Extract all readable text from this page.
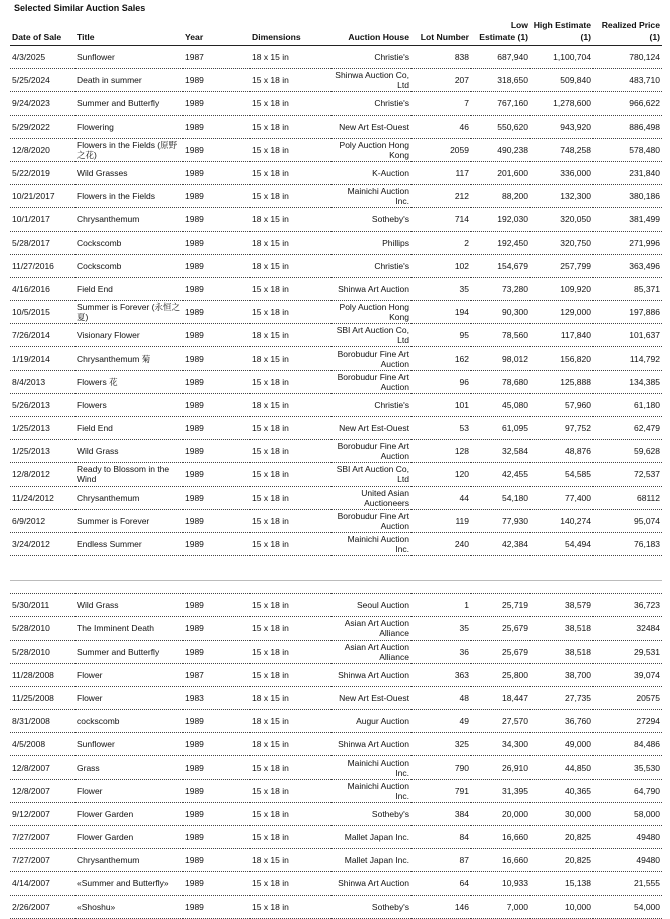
Selected Similar Auction Sales
Date of Sale	Title	Year	Dimensions	Auction House	Lot Number	Low Estimate (1)	High Estimate (1)	Realized Price (1)
4/3/2025	Sunflower	1987	18 x 15 in	Christie's	838	687,940	1,100,704	780,124
5/25/2024	Death in summer	1989	15 x 18 in	Shinwa Auction Co, Ltd	207	318,650	509,840	483,710
9/24/2023	Summer and Butterfly	1989	15 x 18 in	Christie's	7	767,160	1,278,600	966,622
5/29/2022	Flowering	1989	15 x 18 in	New Art Est-Ouest	46	550,620	943,920	886,498
12/8/2020	Flowers in the Fields (原野之花)	1989	15 x 18 in	Poly Auction Hong Kong	2059	490,238	748,258	578,480
5/22/2019	Wild Grasses	1989	15 x 18 in	K-Auction	117	201,600	336,000	231,840
10/21/2017	Flowers in the Fields	1989	15 x 18 in	Mainichi Auction Inc.	212	88,200	132,300	380,186
10/1/2017	Chrysanthemum	1989	18 x 15 in	Sotheby's	714	192,030	320,050	381,499
5/28/2017	Cockscomb	1989	18 x 15 in	Phillips	2	192,450	320,750	271,996
11/27/2016	Cockscomb	1989	18 x 15 in	Christie's	102	154,679	257,799	363,496
4/16/2016	Field End	1989	15 x 18 in	Shinwa Art Auction	35	73,280	109,920	85,371
10/5/2015	Summer is Forever (永恒之夏)	1989	15 x 18 in	Poly Auction Hong Kong	194	90,300	129,000	197,886
7/26/2014	Visionary Flower	1989	18 x 15 in	SBI Art Auction Co, Ltd	95	78,560	117,840	101,637
1/19/2014	Chrysanthemum 菊	1989	18 x 15 in	Borobudur Fine Art Auction	162	98,012	156,820	114,792
8/4/2013	Flowers 花	1989	15 x 18 in	Borobudur Fine Art Auction	96	78,680	125,888	134,385
5/26/2013	Flowers	1989	18 x 15 in	Christie's	101	45,080	57,960	61,180
1/25/2013	Field End	1989	15 x 18 in	New Art Est-Ouest	53	61,095	97,752	62,479
1/25/2013	Wild Grass	1989	15 x 18 in	Borobudur Fine Art Auction	128	32,584	48,876	59,628
12/8/2012	Ready to Blossom in the Wind	1989	15 x 18 in	SBI Art Auction Co, Ltd	120	42,455	54,585	72,537
11/24/2012	Chrysanthemum	1989	15 x 18 in	United Asian Auctioneers	44	54,180	77,400	68112
6/9/2012	Summer is Forever	1989	15 x 18 in	Borobudur Fine Art Auction	119	77,930	140,274	95,074
3/24/2012	Endless Summer	1989	15 x 18 in	Mainichi Auction Inc.	240	42,384	54,494	76,183

5/30/2011	Wild Grass	1989	15 x 18 in	Seoul Auction	1	25,719	38,579	36,723
5/28/2010	The Imminent Death	1989	15 x 18 in	Asian Art Auction Alliance	35	25,679	38,518	32484
5/28/2010	Summer and Butterfly	1989	15 x 18 in	Asian Art Auction Alliance	36	25,679	38,518	29,531
11/28/2008	Flower	1987	15 x 18 in	Shinwa Art Auction	363	25,800	38,700	39,074
11/25/2008	Flower	1983	18 x 15 in	New Art Est-Ouest	48	18,447	27,735	20575
8/31/2008	cockscomb	1989	18 x 15 in	Augur Auction	49	27,570	36,760	27294
4/5/2008	Sunflower	1989	18 x 15 in	Shinwa Art Auction	325	34,300	49,000	84,486
12/8/2007	Grass	1989	15 x 18 in	Mainichi Auction Inc.	790	26,910	44,850	35,530
12/8/2007	Flower	1989	15 x 18 in	Mainichi Auction Inc.	791	31,395	40,365	64,790
9/12/2007	Flower Garden	1989	15 x 18 in	Sotheby's	384	20,000	30,000	58,000
7/27/2007	Flower Garden	1989	15 x 18 in	Mallet Japan Inc.	84	16,660	20,825	49480
7/27/2007	Chrysanthemum	1989	18 x 15 in	Mallet Japan Inc.	87	16,660	20,825	49480
4/14/2007	«Summer and Butterfly»	1989	15 x 18 in	Shinwa Art Auction	64	10,933	15,138	21,555
2/26/2007	«Shoshu»	1989	15 x 18 in	Sotheby's	146	7,000	10,000	54,000
